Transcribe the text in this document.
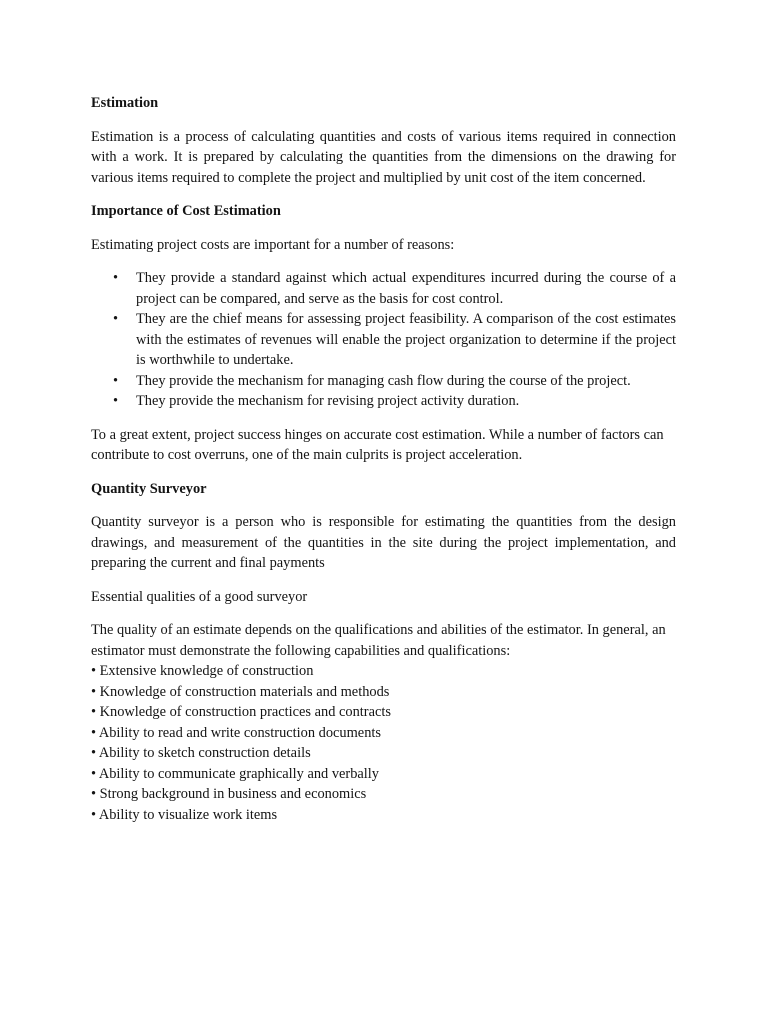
Estimation

Estimation is a process of calculating quantities and costs of various items required in connection with a work. It is prepared by calculating the quantities from the dimensions on the drawing for various items required to complete the project and multiplied by unit cost of the item concerned.

Importance of Cost Estimation

Estimating project costs are important for a number of reasons:

• They provide a standard against which actual expenditures incurred during the course of a project can be compared, and serve as the basis for cost control.
• They are the chief means for assessing project feasibility. A comparison of the cost estimates with the estimates of revenues will enable the project organization to determine if the project is worthwhile to undertake.
• They provide the mechanism for managing cash flow during the course of the project.
• They provide the mechanism for revising project activity duration.

To a great extent, project success hinges on accurate cost estimation. While a number of factors can contribute to cost overruns, one of the main culprits is project acceleration.

Quantity Surveyor

Quantity surveyor is a person who is responsible for estimating the quantities from the design drawings, and measurement of the quantities in the site during the project implementation, and preparing the current and final payments

Essential qualities of a good surveyor

The quality of an estimate depends on the qualifications and abilities of the estimator. In general, an estimator must demonstrate the following capabilities and qualifications:

• Extensive knowledge of construction
• Knowledge of construction materials and methods
• Knowledge of construction practices and contracts
• Ability to read and write construction documents
• Ability to sketch construction details
• Ability to communicate graphically and verbally
• Strong background in business and economics
• Ability to visualize work items
